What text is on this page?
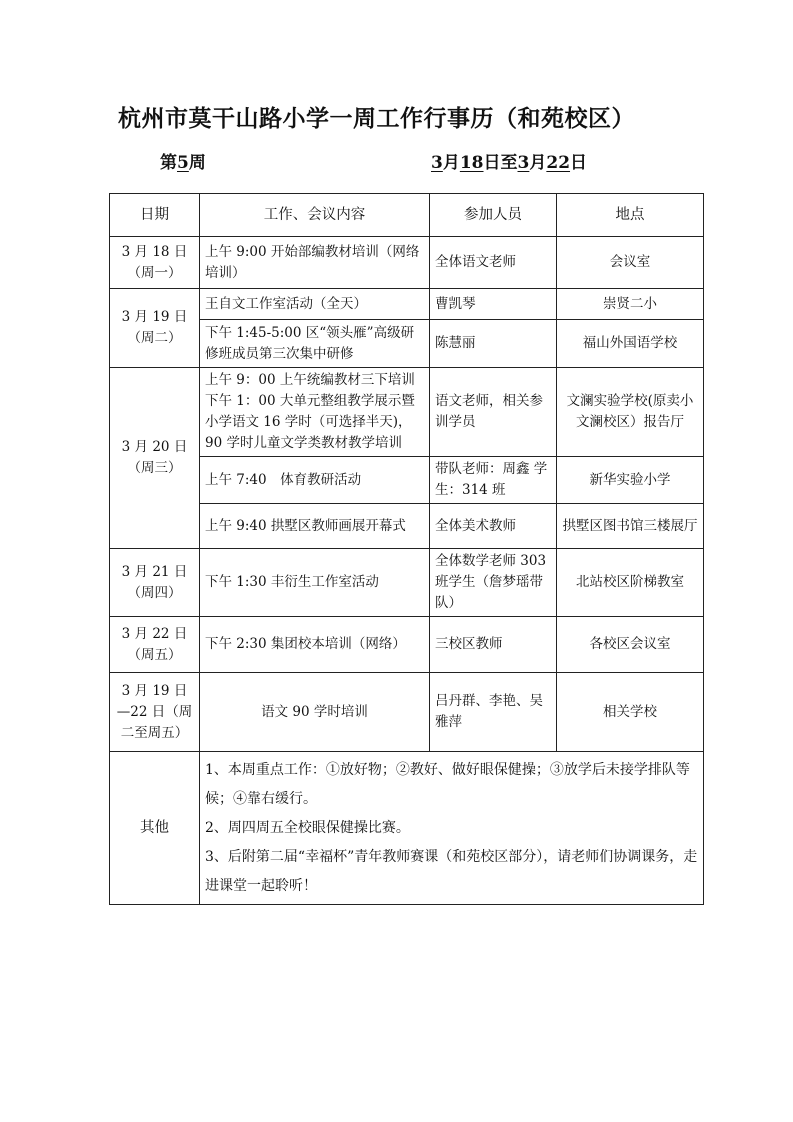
杭州市莫干山路小学一周工作行事历（和苑校区）
第5周	3月18日至3月22日
日期	工作、会议内容	参加人员	地点
3 月 18 日（周一）	上午 9:00 开始部编教材培训（网络培训）	全体语文老师	会议室
3 月 19 日（周二）	王自文工作室活动（全天）	曹凯琴	崇贤二小
	下午 1:45-5:00 区“领头雁”高级研修班成员第三次集中研修	陈慧丽	福山外国语学校
3 月 20 日（周三）	上午 9：00 上午统编教材三下培训 下午 1：00 大单元整组教学展示暨小学语文 16 学时（可选择半天)，90 学时儿童文学类教材教学培训	语文老师，相关参训学员	文澜实验学校(原卖小文澜校区）报告厅
	上午 7:40　体育教研活动	带队老师：周鑫 学生：314 班	新华实验小学
	上午 9:40 拱墅区教师画展开幕式	全体美术教师	拱墅区图书馆三楼展厅
3 月 21 日（周四）	下午 1:30 丰衍生工作室活动	全体数学老师 303 班学生（詹梦瑶带队）	北站校区阶梯教室
3 月 22 日（周五）	下午 2:30 集团校本培训（网络）	三校区教师	各校区会议室
3 月 19 日—22 日（周二至周五）	语文 90 学时培训	吕丹群、李艳、吴雅萍	相关学校
其他	1、本周重点工作：①放好物；②教好、做好眼保健操；③放学后未接学排队等候；④靠右缓行。
2、周四周五全校眼保健操比赛。
3、后附第二届“幸福杯”青年教师赛课（和苑校区部分），请老师们协调课务，走进课堂一起聆听！		
